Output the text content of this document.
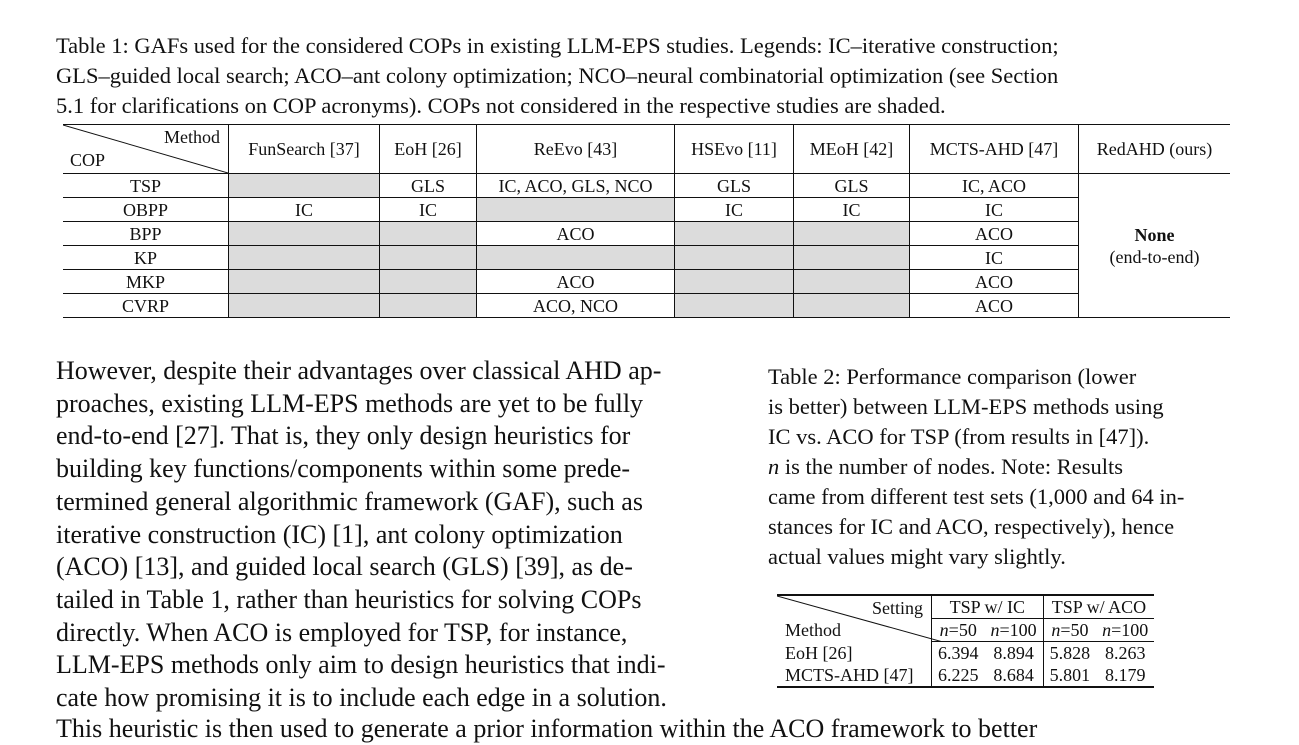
Table 1: GAFs used for the considered COPs in existing LLM-EPS studies. Legends: IC–iterative construction;
GLS–guided local search; ACO–ant colony optimization; NCO–neural combinatorial optimization (see Section
5.1 for clarifications on COP acronyms). COPs not considered in the respective studies are shaded.
Method
COP	FunSearch [37]	EoH [26]	ReEvo [43]	HSEvo [11]	MEoH [42]	MCTS-AHD [47]	RedAHD (ours)
TSP		GLS	IC, ACO, GLS, NCO	GLS	GLS	IC, ACO	None
(end-to-end)
OBPP	IC	IC		IC	IC	IC	
BPP			ACO			ACO	
KP						IC	
MKP			ACO			ACO	
CVRP			ACO, NCO			ACO	
However, despite their advantages over classical AHD ap-
proaches, existing LLM-EPS methods are yet to be fully
end-to-end [27]. That is, they only design heuristics for
building key functions/components within some prede-
termined general algorithmic framework (GAF), such as
iterative construction (IC) [1], ant colony optimization
(ACO) [13], and guided local search (GLS) [39], as de-
tailed in Table 1, rather than heuristics for solving COPs
directly. When ACO is employed for TSP, for instance,
LLM-EPS methods only aim to design heuristics that indi-
cate how promising it is to include each edge in a solution.
This heuristic is then used to generate a prior information within the ACO framework to better
Table 2: Performance comparison (lower
is better) between LLM-EPS methods using
IC vs. ACO for TSP (from results in [47]).
n is the number of nodes. Note: Results
came from different test sets (1,000 and 64 in-
stances for IC and ACO, respectively), hence
actual values might vary slightly.
Setting
Method	TSP w/ IC		TSP w/ ACO	
	n=50	n=100	n=50	n=100
EoH [26]	6.394	8.894	5.828	8.263
MCTS-AHD [47]	6.225	8.684	5.801	8.179
